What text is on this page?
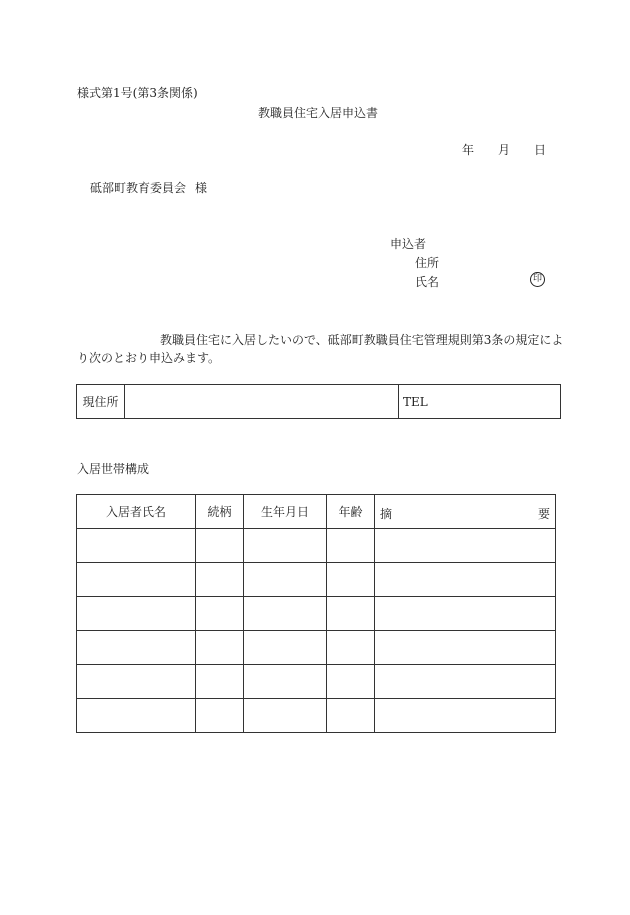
様式第1号(第3条関係)
教職員住宅入居申込書
年 月 日
砥部町教育委員会 様
申込者
住所
氏名	印
教職員住宅に入居したいので、砥部町教職員住宅管理規則第3条の規定によ
り次のとおり申込みます。
現住所		TEL
入居世帯構成
入居者氏名	続柄	生年月日	年齢	摘 要
